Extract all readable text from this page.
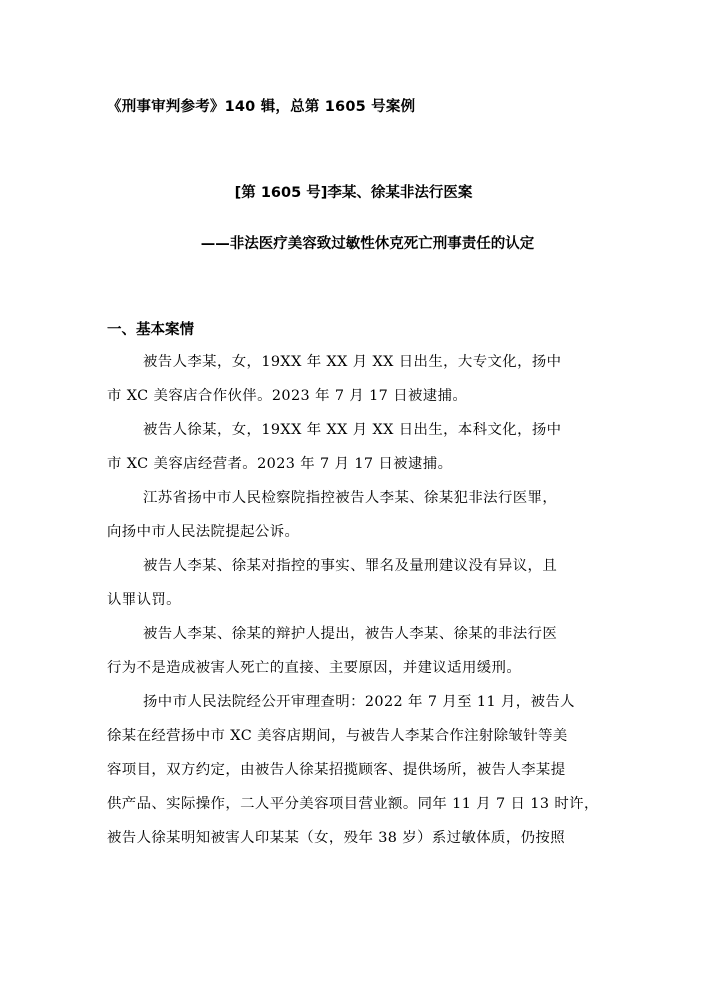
《刑事审判参考》140 辑，总第 1605 号案例
[第 1605 号]李某、徐某非法行医案
——非法医疗美容致过敏性休克死亡刑事责任的认定
一、基本案情
被告人李某，女，19XX 年 XX 月 XX 日出生，大专文化，扬中
市 XC 美容店合作伙伴。2023 年 7 月 17 日被逮捕。
被告人徐某，女，19XX 年 XX 月 XX 日出生，本科文化，扬中
市 XC 美容店经营者。2023 年 7 月 17 日被逮捕。
江苏省扬中市人民检察院指控被告人李某、徐某犯非法行医罪，
向扬中市人民法院提起公诉。
被告人李某、徐某对指控的事实、罪名及量刑建议没有异议，且
认罪认罚。
被告人李某、徐某的辩护人提出，被告人李某、徐某的非法行医
行为不是造成被害人死亡的直接、主要原因，并建议适用缓刑。
扬中市人民法院经公开审理查明：2022 年 7 月至 11 月，被告人
徐某在经营扬中市 XC 美容店期间，与被告人李某合作注射除皱针等美
容项目，双方约定，由被告人徐某招揽顾客、提供场所，被告人李某提
供产品、实际操作，二人平分美容项目营业额。同年 11 月 7 日 13 时许，
被告人徐某明知被害人印某某（女，殁年 38 岁）系过敏体质，仍按照
